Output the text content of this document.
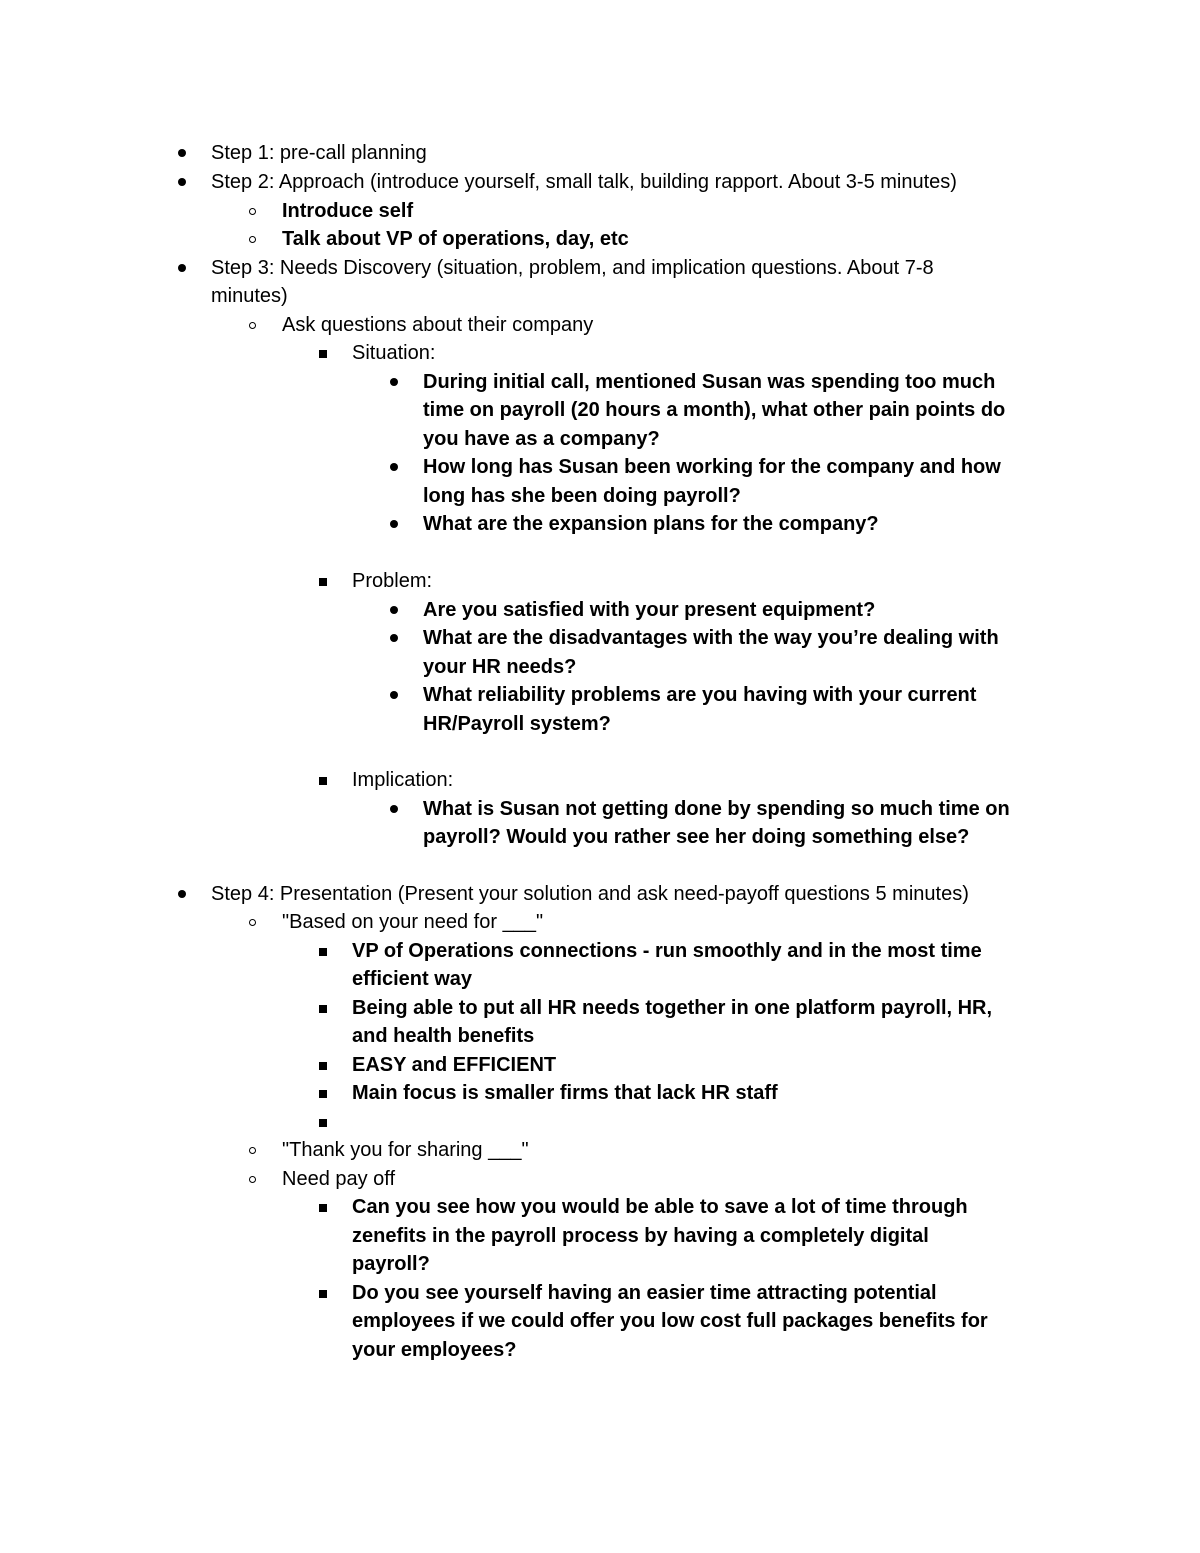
Step 1: pre-call planning
Step 2: Approach (introduce yourself, small talk, building rapport. About 3-5 minutes)
Introduce self
Talk about VP of operations, day, etc
Step 3: Needs Discovery (situation, problem, and implication questions. About 7-8
minutes)
Ask questions about their company
Situation:
During initial call, mentioned Susan was spending too much
time on payroll (20 hours a month), what other pain points do
you have as a company?
How long has Susan been working for the company and how
long has she been doing payroll?
What are the expansion plans for the company?
Problem:
Are you satisfied with your present equipment?
What are the disadvantages with the way you’re dealing with
your HR needs?
What reliability problems are you having with your current
HR/Payroll system?
Implication:
What is Susan not getting done by spending so much time on
payroll? Would you rather see her doing something else?
Step 4: Presentation (Present your solution and ask need-payoff questions 5 minutes)
"Based on your need for ___"
VP of Operations connections - run smoothly and in the most time
efficient way
Being able to put all HR needs together in one platform payroll, HR,
and health benefits
EASY and EFFICIENT
Main focus is smaller firms that lack HR staff
"Thank you for sharing ___"
Need pay off
Can you see how you would be able to save a lot of time through
zenefits in the payroll process by having a completely digital
payroll?
Do you see yourself having an easier time attracting potential
employees if we could offer you low cost full packages benefits for
your employees?
